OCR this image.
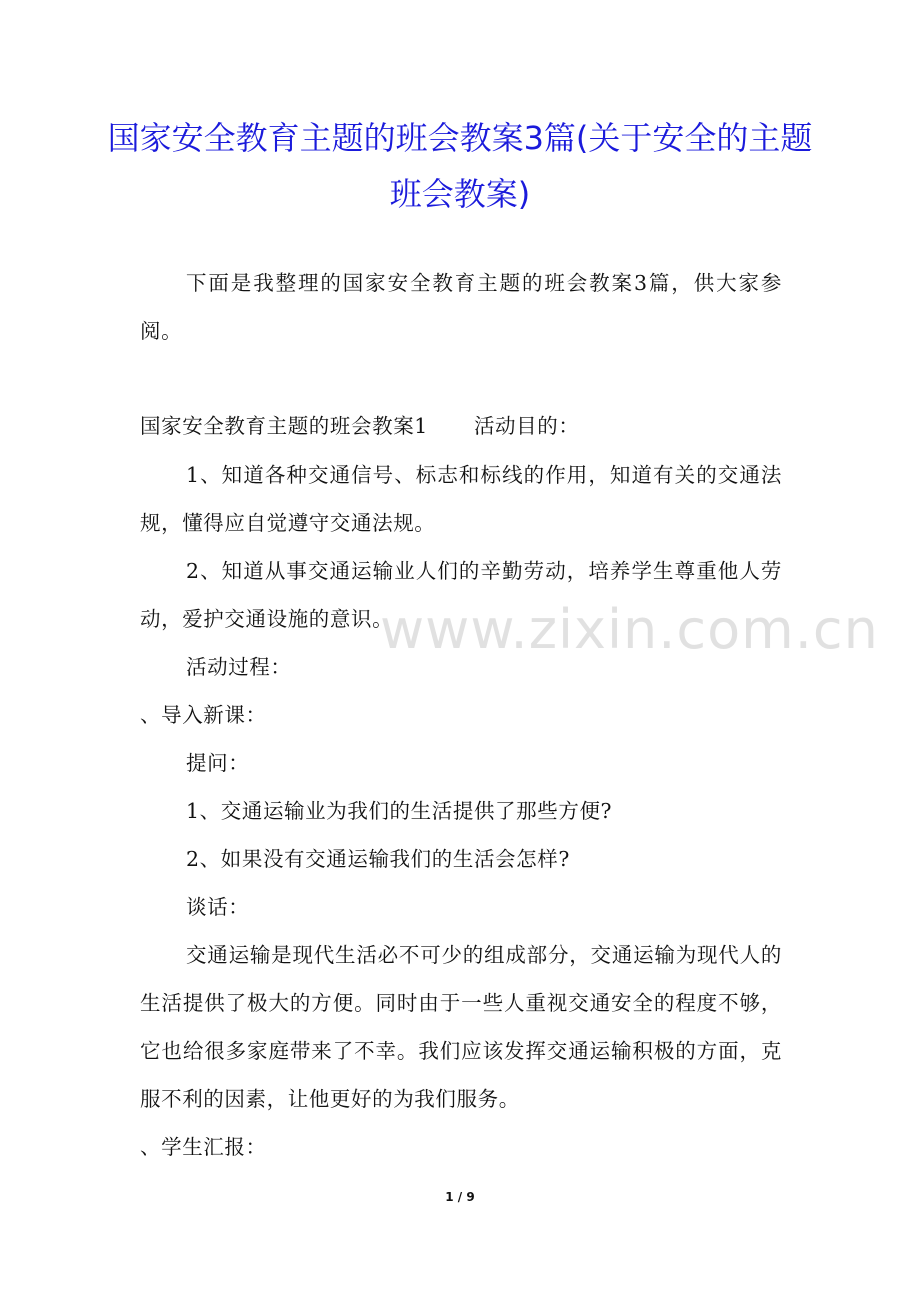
国家安全教育主题的班会教案3篇(关于安全的主题班会教案)

下面是我整理的国家安全教育主题的班会教案3篇，供大家参阅。

国家安全教育主题的班会教案1 活动目的：

1、知道各种交通信号、标志和标线的作用，知道有关的交通法规，懂得应自觉遵守交通法规。

2、知道从事交通运输业人们的辛勤劳动，培养学生尊重他人劳动，爱护交通设施的意识。

活动过程：

、导入新课：

提问：

1、交通运输业为我们的生活提供了那些方便?

2、如果没有交通运输我们的生活会怎样?

谈话：

交通运输是现代生活必不可少的组成部分，交通运输为现代人的生活提供了极大的方便。同时由于一些人重视交通安全的程度不够，它也给很多家庭带来了不幸。我们应该发挥交通运输积极的方面，克服不利的因素，让他更好的为我们服务。

、学生汇报：

www.zixin.com.cn
1 / 9
